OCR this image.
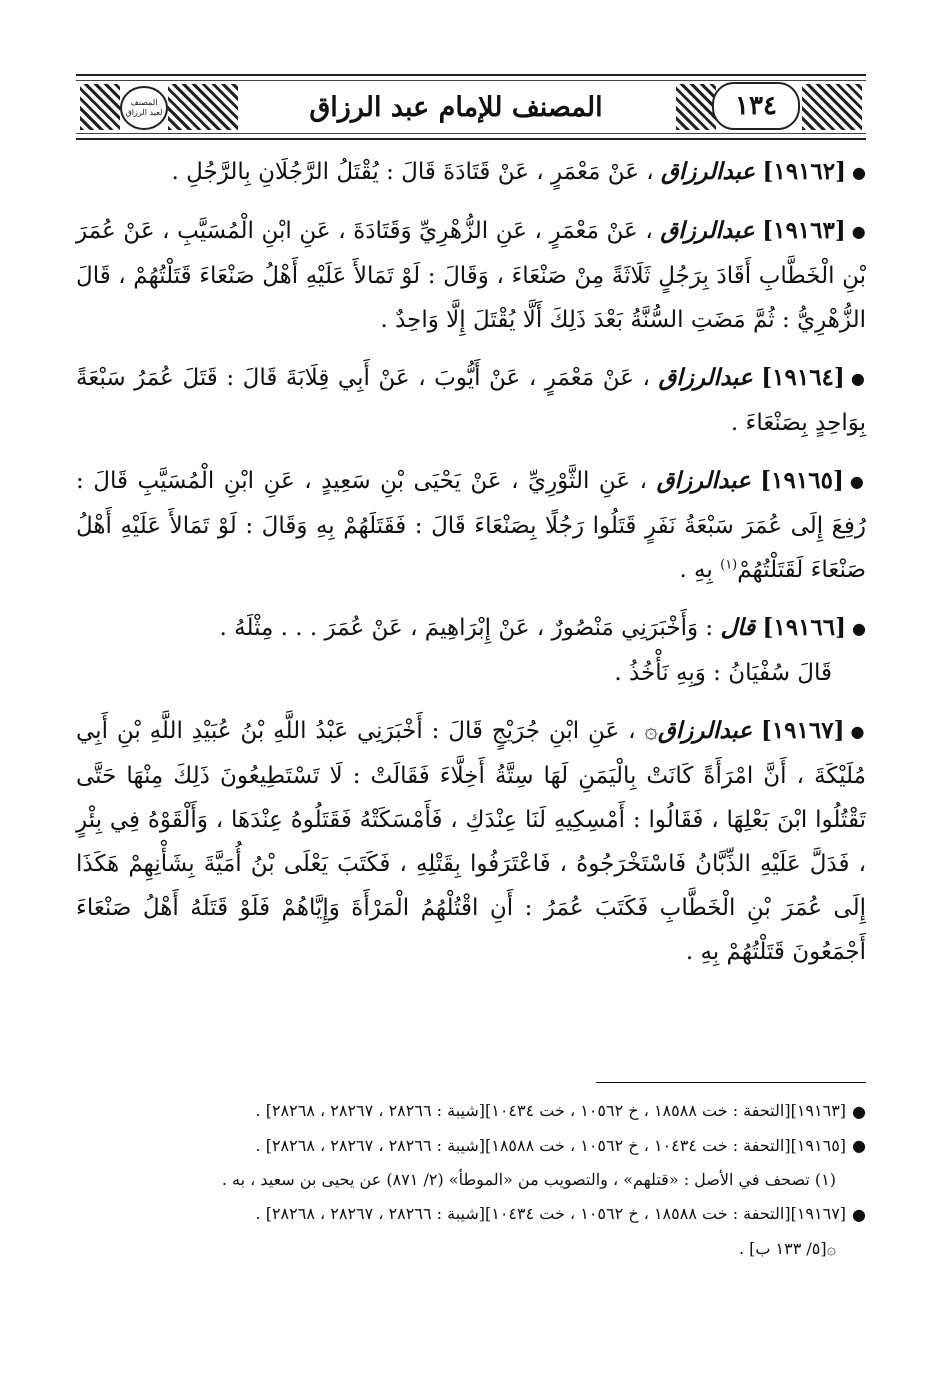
١٣٤
المصنف للإمام عبد الرزاق
المصنف
لعبد الرزاق

●[١٩١٦٢] عبدالرزاق ، عَنْ مَعْمَرٍ ، عَنْ قَتَادَةَ قَالَ : يُقْتَلُ الرَّجُلَانِ بِالرَّجُلِ .

●[١٩١٦٣] عبدالرزاق ، عَنْ مَعْمَرٍ ، عَنِ الزُّهْرِيِّ وَقَتَادَةَ ، عَنِ ابْنِ الْمُسَيَّبِ ، عَنْ عُمَرَ بْنِ الْخَطَّابِ أَقَادَ بِرَجُلٍ ثَلَاثَةً مِنْ صَنْعَاءَ ، وَقَالَ : لَوْ تَمَالأَ عَلَيْهِ أَهْلُ صَنْعَاءَ قَتَلْتُهُمْ ، قَالَ الزُّهْرِيُّ : ثُمَّ مَضَتِ السُّنَّةُ بَعْدَ ذَلِكَ أَلَّا يُقْتَلَ إِلَّا وَاحِدٌ .

●[١٩١٦٤] عبدالرزاق ، عَنْ مَعْمَرٍ ، عَنْ أَيُّوبَ ، عَنْ أَبِي قِلَابَةَ قَالَ : قَتَلَ عُمَرُ سَبْعَةً بِوَاحِدٍ بِصَنْعَاءَ .

●[١٩١٦٥] عبدالرزاق ، عَنِ الثَّوْرِيِّ ، عَنْ يَحْيَى بْنِ سَعِيدٍ ، عَنِ ابْنِ الْمُسَيَّبِ قَالَ : رُفِعَ إِلَى عُمَرَ سَبْعَةُ نَفَرٍ قَتَلُوا رَجُلًا بِصَنْعَاءَ قَالَ : فَقَتَلَهُمْ بِهِ وَقَالَ : لَوْ تَمَالأَ عَلَيْهِ أَهْلُ صَنْعَاءَ لَقَتَلْتُهُمْ$^{(١)}$ بِهِ .

●[١٩١٦٦] قال : وَأَخْبَرَنِي مَنْصُورٌ ، عَنْ إِبْرَاهِيمَ ، عَنْ عُمَرَ . . . مِثْلَهُ .

قَالَ سُفْيَانُ : وَبِهِ نَأْخُذُ .

●[١٩١٦٧] عبدالرزاق۞ ، عَنِ ابْنِ جُرَيْجٍ قَالَ : أَخْبَرَنِي عَبْدُ اللَّهِ بْنُ عُبَيْدِ اللَّهِ بْنِ أَبِي مُلَيْكَةَ ، أَنَّ امْرَأَةً كَانَتْ بِالْيَمَنِ لَهَا سِتَّةُ أَخِلَّاءَ فَقَالَتْ : لَا تَسْتَطِيعُونَ ذَلِكَ مِنْهَا حَتَّى تَقْتُلُوا ابْنَ بَعْلِهَا ، فَقَالُوا : أَمْسِكِيهِ لَنَا عِنْدَكِ ، فَأَمْسَكَتْهُ فَقَتَلُوهُ عِنْدَهَا ، وَأَلْقَوْهُ فِي بِئْرٍ ، فَدَلَّ عَلَيْهِ الذِّبَّانُ فَاسْتَخْرَجُوهُ ، فَاعْتَرَفُوا بِقَتْلِهِ ، فَكَتَبَ يَعْلَى بْنُ أُمَيَّةَ بِشَأْنِهِمْ هَكَذَا إِلَى عُمَرَ بْنِ الْخَطَّابِ فَكَتَبَ عُمَرُ : أَنِ اقْتُلْهُمُ الْمَرْأَةَ وَإِيَّاهُمْ فَلَوْ قَتَلَهُ أَهْلُ صَنْعَاءَ أَجْمَعُونَ قَتَلْتُهُمْ بِهِ .

●[١٩١٦٣][التحفة : خت ١٨٥٨٨ ، خ ١٠٥٦٢ ، خت ١٠٤٣٤][شيبة : ٢٨٢٦٦ ، ٢٨٢٦٧ ، ٢٨٢٦٨] .

●[١٩١٦٥][التحفة : خت ١٠٤٣٤ ، خ ١٠٥٦٢ ، خت ١٨٥٨٨][شيبة : ٢٨٢٦٦ ، ٢٨٢٦٧ ، ٢٨٢٦٨] .

(١) تصحف في الأصل : «قتلهم» ، والتصويب من «الموطأ» (٢/ ٨٧١) عن يحيى بن سعيد ، به .

●[١٩١٦٧][التحفة : خت ١٨٥٨٨ ، خ ١٠٥٦٢ ، خت ١٠٤٣٤][شيبة : ٢٨٢٦٦ ، ٢٨٢٦٧ ، ٢٨٢٦٨] .

۞[٥/ ١٣٣ ب] .
